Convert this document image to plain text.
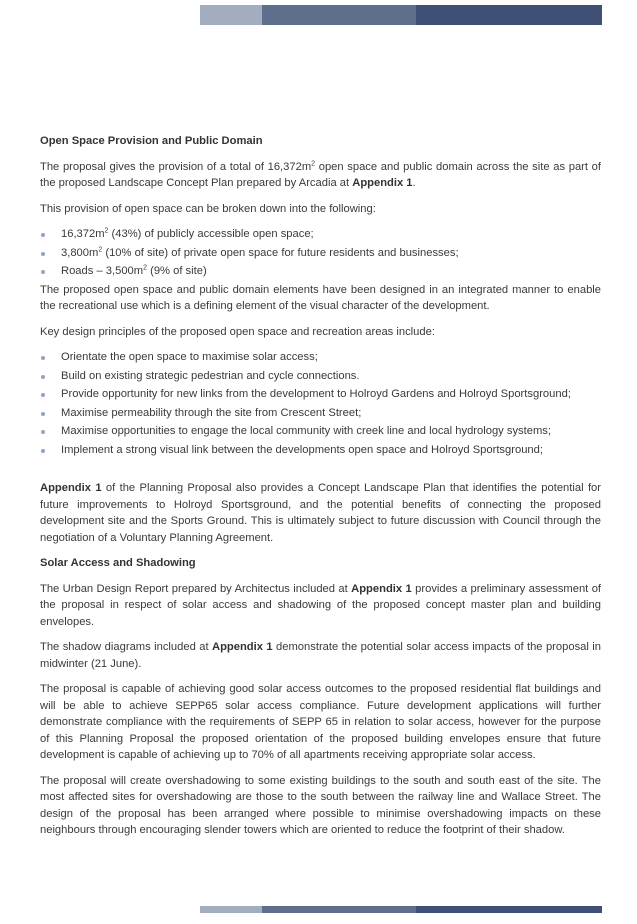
Open Space Provision and Public Domain

The proposal gives the provision of a total of $16,372m^2$ open space and public domain across the site as part of the proposed Landscape Concept Plan prepared by Arcadia at Appendix 1.

This provision of open space can be broken down into the following:

$16,372m^2$ (43%) of publicly accessible open space;
$3,800m^2$ (10% of site) of private open space for future residents and businesses;
Roads – $3,500m^2$ (9% of site)

The proposed open space and public domain elements have been designed in an integrated manner to enable the recreational use which is a defining element of the visual character of the development.

Key design principles of the proposed open space and recreation areas include:

Orientate the open space to maximise solar access;
Build on existing strategic pedestrian and cycle connections.
Provide opportunity for new links from the development to Holroyd Gardens and Holroyd Sportsground;
Maximise permeability through the site from Crescent Street;
Maximise opportunities to engage the local community with creek line and local hydrology systems;
Implement a strong visual link between the developments open space and Holroyd Sportsground;

Appendix 1 of the Planning Proposal also provides a Concept Landscape Plan that identifies the potential for future improvements to Holroyd Sportsground, and the potential benefits of connecting the proposed development site and the Sports Ground. This is ultimately subject to future discussion with Council through the negotiation of a Voluntary Planning Agreement.

Solar Access and Shadowing

The Urban Design Report prepared by Architectus included at Appendix 1 provides a preliminary assessment of the proposal in respect of solar access and shadowing of the proposed concept master plan and building envelopes.

The shadow diagrams included at Appendix 1 demonstrate the potential solar access impacts of the proposal in midwinter (21 June).

The proposal is capable of achieving good solar access outcomes to the proposed residential flat buildings and will be able to achieve SEPP65 solar access compliance. Future development applications will further demonstrate compliance with the requirements of SEPP 65 in relation to solar access, however for the purpose of this Planning Proposal the proposed orientation of the proposed building envelopes ensure that future development is capable of achieving up to 70% of all apartments receiving appropriate solar access.

The proposal will create overshadowing to some existing buildings to the south and south east of the site. The most affected sites for overshadowing are those to the south between the railway line and Wallace Street. The design of the proposal has been arranged where possible to minimise overshadowing impacts on these neighbours through encouraging slender towers which are oriented to reduce the footprint of their shadow.
